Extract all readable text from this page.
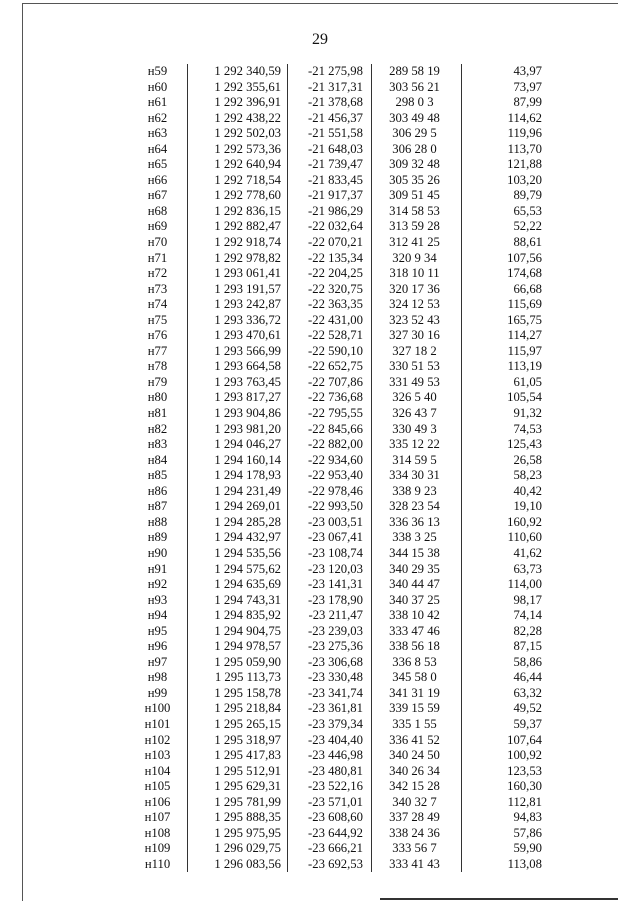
29
н59	1 292 340,59	-21 275,98	289 58 19	43,97
н60	1 292 355,61	-21 317,31	303 56 21	73,97
н61	1 292 396,91	-21 378,68	298 0 3	87,99
н62	1 292 438,22	-21 456,37	303 49 48	114,62
н63	1 292 502,03	-21 551,58	306 29 5	119,96
н64	1 292 573,36	-21 648,03	306 28 0	113,70
н65	1 292 640,94	-21 739,47	309 32 48	121,88
н66	1 292 718,54	-21 833,45	305 35 26	103,20
н67	1 292 778,60	-21 917,37	309 51 45	89,79
н68	1 292 836,15	-21 986,29	314 58 53	65,53
н69	1 292 882,47	-22 032,64	313 59 28	52,22
н70	1 292 918,74	-22 070,21	312 41 25	88,61
н71	1 292 978,82	-22 135,34	320 9 34	107,56
н72	1 293 061,41	-22 204,25	318 10 11	174,68
н73	1 293 191,57	-22 320,75	320 17 36	66,68
н74	1 293 242,87	-22 363,35	324 12 53	115,69
н75	1 293 336,72	-22 431,00	323 52 43	165,75
н76	1 293 470,61	-22 528,71	327 30 16	114,27
н77	1 293 566,99	-22 590,10	327 18 2	115,97
н78	1 293 664,58	-22 652,75	330 51 53	113,19
н79	1 293 763,45	-22 707,86	331 49 53	61,05
н80	1 293 817,27	-22 736,68	326 5 40	105,54
н81	1 293 904,86	-22 795,55	326 43 7	91,32
н82	1 293 981,20	-22 845,66	330 49 3	74,53
н83	1 294 046,27	-22 882,00	335 12 22	125,43
н84	1 294 160,14	-22 934,60	314 59 5	26,58
н85	1 294 178,93	-22 953,40	334 30 31	58,23
н86	1 294 231,49	-22 978,46	338 9 23	40,42
н87	1 294 269,01	-22 993,50	328 23 54	19,10
н88	1 294 285,28	-23 003,51	336 36 13	160,92
н89	1 294 432,97	-23 067,41	338 3 25	110,60
н90	1 294 535,56	-23 108,74	344 15 38	41,62
н91	1 294 575,62	-23 120,03	340 29 35	63,73
н92	1 294 635,69	-23 141,31	340 44 47	114,00
н93	1 294 743,31	-23 178,90	340 37 25	98,17
н94	1 294 835,92	-23 211,47	338 10 42	74,14
н95	1 294 904,75	-23 239,03	333 47 46	82,28
н96	1 294 978,57	-23 275,36	338 56 18	87,15
н97	1 295 059,90	-23 306,68	336 8 53	58,86
н98	1 295 113,73	-23 330,48	345 58 0	46,44
н99	1 295 158,78	-23 341,74	341 31 19	63,32
н100	1 295 218,84	-23 361,81	339 15 59	49,52
н101	1 295 265,15	-23 379,34	335 1 55	59,37
н102	1 295 318,97	-23 404,40	336 41 52	107,64
н103	1 295 417,83	-23 446,98	340 24 50	100,92
н104	1 295 512,91	-23 480,81	340 26 34	123,53
н105	1 295 629,31	-23 522,16	342 15 28	160,30
н106	1 295 781,99	-23 571,01	340 32 7	112,81
н107	1 295 888,35	-23 608,60	337 28 49	94,83
н108	1 295 975,95	-23 644,92	338 24 36	57,86
н109	1 296 029,75	-23 666,21	333 56 7	59,90
н110	1 296 083,56	-23 692,53	333 41 43	113,08
